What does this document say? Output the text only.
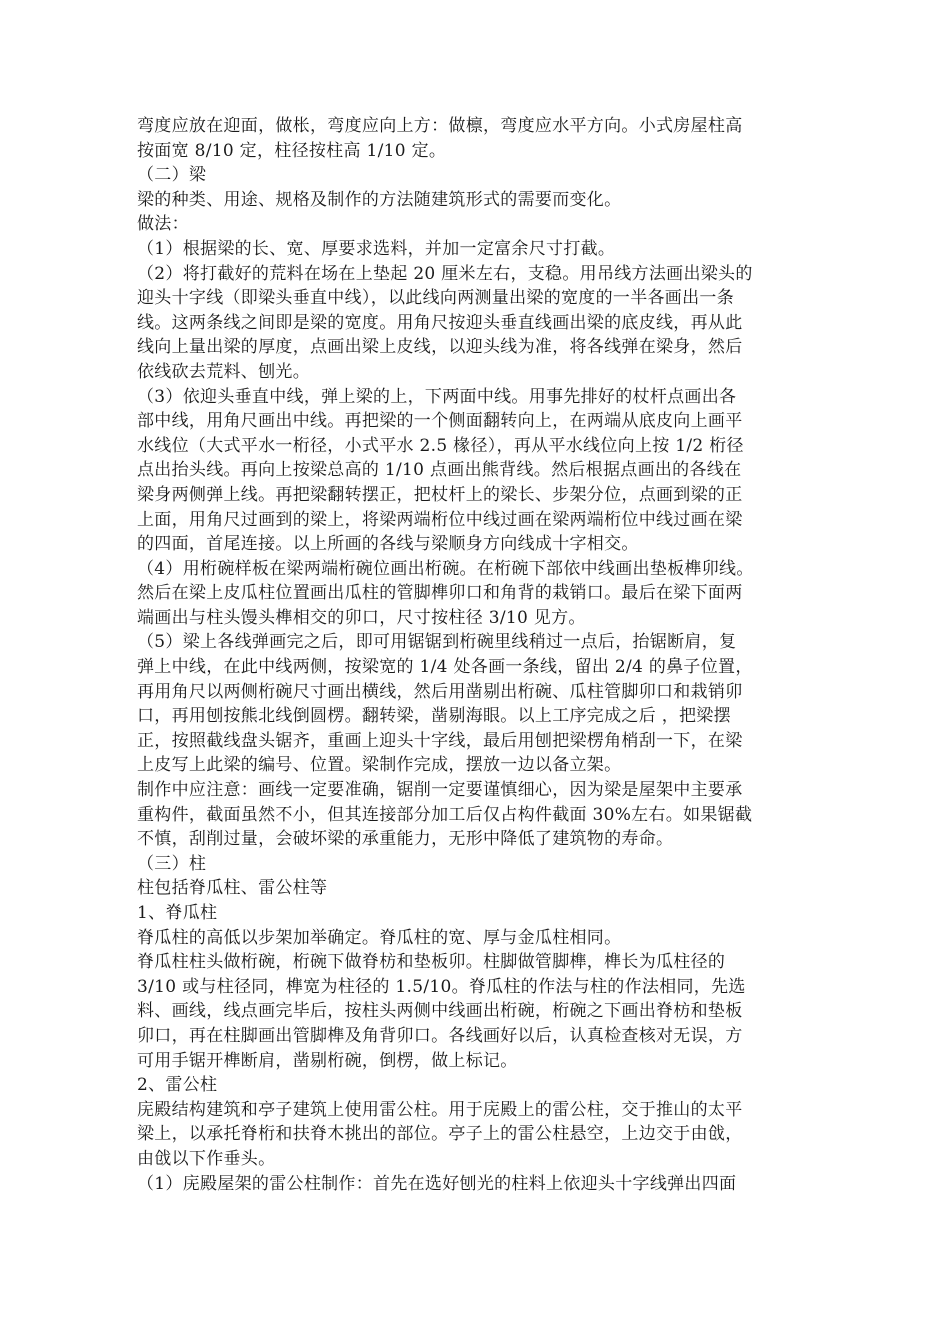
弯度应放在迎面，做枨，弯度应向上方：做檩，弯度应水平方向。小式房屋柱高
按面宽 8/10 定，柱径按柱高 1/10 定。
（二）梁
梁的种类、用途、规格及制作的方法随建筑形式的需要而变化。
做法：
（1）根据梁的长、宽、厚要求选料，并加一定富余尺寸打截。
（2）将打截好的荒料在场在上垫起 20 厘米左右，支稳。用吊线方法画出梁头的
迎头十字线（即梁头垂直中线），以此线向两测量出梁的宽度的一半各画出一条
线。这两条线之间即是梁的宽度。用角尺按迎头垂直线画出梁的底皮线，再从此
线向上量出梁的厚度，点画出梁上皮线，以迎头线为准，将各线弹在梁身，然后
依线砍去荒料、刨光。
（3）依迎头垂直中线，弹上梁的上，下两面中线。用事先排好的杖杆点画出各
部中线，用角尺画出中线。再把梁的一个侧面翻转向上，在两端从底皮向上画平
水线位（大式平水一桁径，小式平水 2.5 椽径），再从平水线位向上按 1/2 桁径
点出抬头线。再向上按梁总高的 1/10 点画出熊背线。然后根据点画出的各线在
梁身两侧弹上线。再把梁翻转摆正，把杖杆上的梁长、步架分位，点画到梁的正
上面，用角尺过画到的梁上，将梁两端桁位中线过画在梁两端桁位中线过画在梁
的四面，首尾连接。以上所画的各线与梁顺身方向线成十字相交。
（4）用桁碗样板在梁两端桁碗位画出桁碗。在桁碗下部依中线画出垫板榫卯线。
然后在梁上皮瓜柱位置画出瓜柱的管脚榫卯口和角背的栽销口。最后在梁下面两
端画出与柱头馒头榫相交的卯口，尺寸按柱径 3/10 见方。
（5）梁上各线弹画完之后，即可用锯锯到桁碗里线稍过一点后，抬锯断肩，复
弹上中线，在此中线两侧，按梁宽的 1/4 处各画一条线，留出 2/4 的鼻子位置，
再用角尺以两侧桁碗尺寸画出横线，然后用凿剔出桁碗、瓜柱管脚卯口和栽销卯
口，再用刨按熊北线倒圆楞。翻转梁，凿剔海眼。以上工序完成之后 ，把梁摆
正，按照截线盘头锯齐，重画上迎头十字线，最后用刨把梁楞角梢刮一下，在梁
上皮写上此梁的编号、位置。梁制作完成，摆放一边以备立架。
制作中应注意：画线一定要准确，锯削一定要谨慎细心，因为梁是屋架中主要承
重构件，截面虽然不小，但其连接部分加工后仅占构件截面 30%左右。如果锯截
不慎，刮削过量，会破坏梁的承重能力，无形中降低了建筑物的寿命。
（三）柱
柱包括脊瓜柱、雷公柱等
1、脊瓜柱
脊瓜柱的高低以步架加举确定。脊瓜柱的宽、厚与金瓜柱相同。
脊瓜柱柱头做桁碗，桁碗下做脊枋和垫板卯。柱脚做管脚榫，榫长为瓜柱径的
3/10 或与柱径同，榫宽为柱径的 1.5/10。脊瓜柱的作法与柱的作法相同，先选
料、画线，线点画完毕后，按柱头两侧中线画出桁碗，桁碗之下画出脊枋和垫板
卯口，再在柱脚画出管脚榫及角背卯口。各线画好以后，认真检查核对无误，方
可用手锯开榫断肩，凿剔桁碗，倒楞，做上标记。
2、雷公柱
庑殿结构建筑和亭子建筑上使用雷公柱。用于庑殿上的雷公柱，交于推山的太平
梁上，以承托脊桁和扶脊木挑出的部位。亭子上的雷公柱悬空，上边交于由戗，
由戗以下作垂头。
（1）庑殿屋架的雷公柱制作：首先在选好刨光的柱料上依迎头十字线弹出四面
